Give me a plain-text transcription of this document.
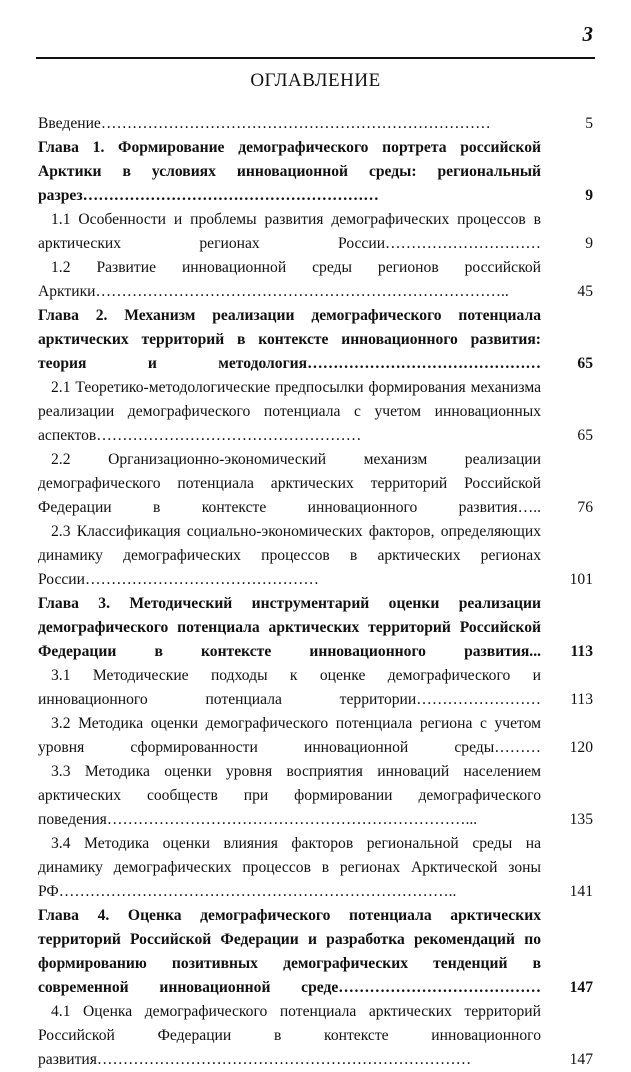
3
ОГЛАВЛЕНИЕ
Введение…………………………………………………………………	5
Глава 1. Формирование демографического портрета российской Арктики в условиях инновационной среды: региональный разрез…………………………………………………	9
1.1 Особенности и проблемы развития демографических процессов в арктических регионах России…………………………	9
1.2 Развитие инновационной среды регионов российской Арктики……………………………………………………………………..	45
Глава 2. Механизм реализации демографического потенциала арктических территорий в контексте инновационного развития: теория и методология………………………………………	65
2.1 Теоретико-методологические предпосылки формирования механизма реализации демографического потенциала с учетом инновационных аспектов……………………………………………	65
2.2 Организационно-экономический механизм реализации демографического потенциала арктических территорий Российской Федерации в контексте инновационного развития…..	76
2.3 Классификация социально-экономических факторов, определяющих динамику демографических процессов в арктических регионах России………………………………………	101
Глава 3. Методический инструментарий оценки реализации демографического потенциала арктических территорий Российской Федерации в контексте инновационного развития...	113
3.1 Методические подходы к оценке демографического и инновационного потенциала территории……………………	113
3.2 Методика оценки демографического потенциала региона с учетом уровня сформированности инновационной среды………	120
3.3 Методика оценки уровня восприятия инноваций населением арктических сообществ при формировании демографического поведения……………………………………………………………...	135
3.4 Методика оценки влияния факторов региональной среды на динамику демографических процессов в регионах Арктической зоны РФ…………………………………………………………………..	141
Глава 4. Оценка демографического потенциала арктических территорий Российской Федерации и разработка рекомендаций по формированию позитивных демографических тенденций в современной инновационной среде…………………………………	147
4.1 Оценка демографического потенциала арктических территорий Российской Федерации в контексте инновационного развития………………………………………………………………	147
